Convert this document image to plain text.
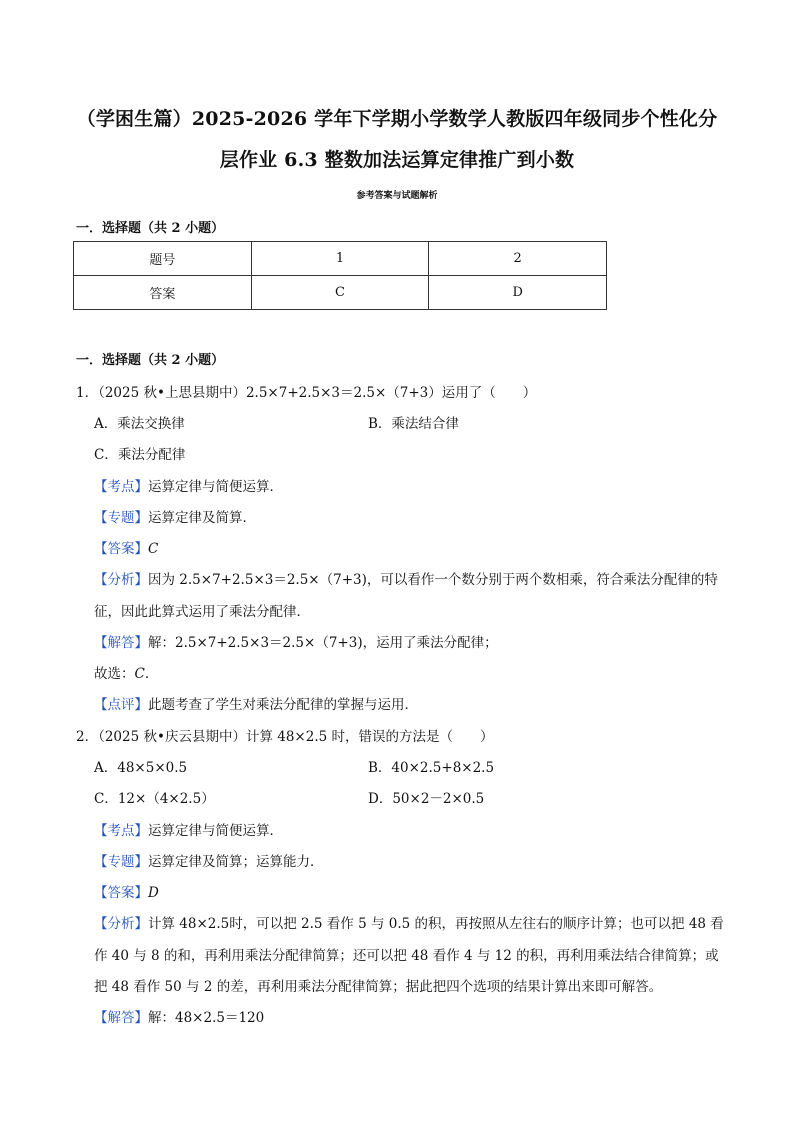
（学困生篇）2025-2026 学年下学期小学数学人教版四年级同步个性化分
层作业 6.3 整数加法运算定律推广到小数
参考答案与试题解析
一．选择题（共 2 小题）
题号	1	2
答案	C	D
一．选择题（共 2 小题）
1．（2025 秋•上思县期中）2.5×7+2.5×3＝2.5×（7+3）运用了（　　）
A．乘法交换律	B．乘法结合律
C．乘法分配律
【考点】运算定律与简便运算．
【专题】运算定律及简算．
【答案】C
【分析】因为 2.5×7+2.5×3＝2.5×（7+3)，可以看作一个数分别于两个数相乘，符合乘法分配律的特
征，因此此算式运用了乘法分配律．
【解答】解：2.5×7+2.5×3＝2.5×（7+3)，运用了乘法分配律；
故选：C．
【点评】此题考查了学生对乘法分配律的掌握与运用．
2．（2025 秋•庆云县期中）计算 48×2.5 时，错误的方法是（　　）
A．48×5×0.5	B．40×2.5+8×2.5
C．12×（4×2.5）	D．50×2－2×0.5
【考点】运算定律与简便运算．
【专题】运算定律及简算；运算能力．
【答案】D
【分析】计算 48×2.5时，可以把 2.5 看作 5 与 0.5 的积，再按照从左往右的顺序计算；也可以把 48 看
作 40 与 8 的和，再利用乘法分配律简算；还可以把 48 看作 4 与 12 的积，再利用乘法结合律简算；或
把 48 看作 50 与 2 的差，再利用乘法分配律简算；据此把四个选项的结果计算出来即可解答。
【解答】解：48×2.5＝120
